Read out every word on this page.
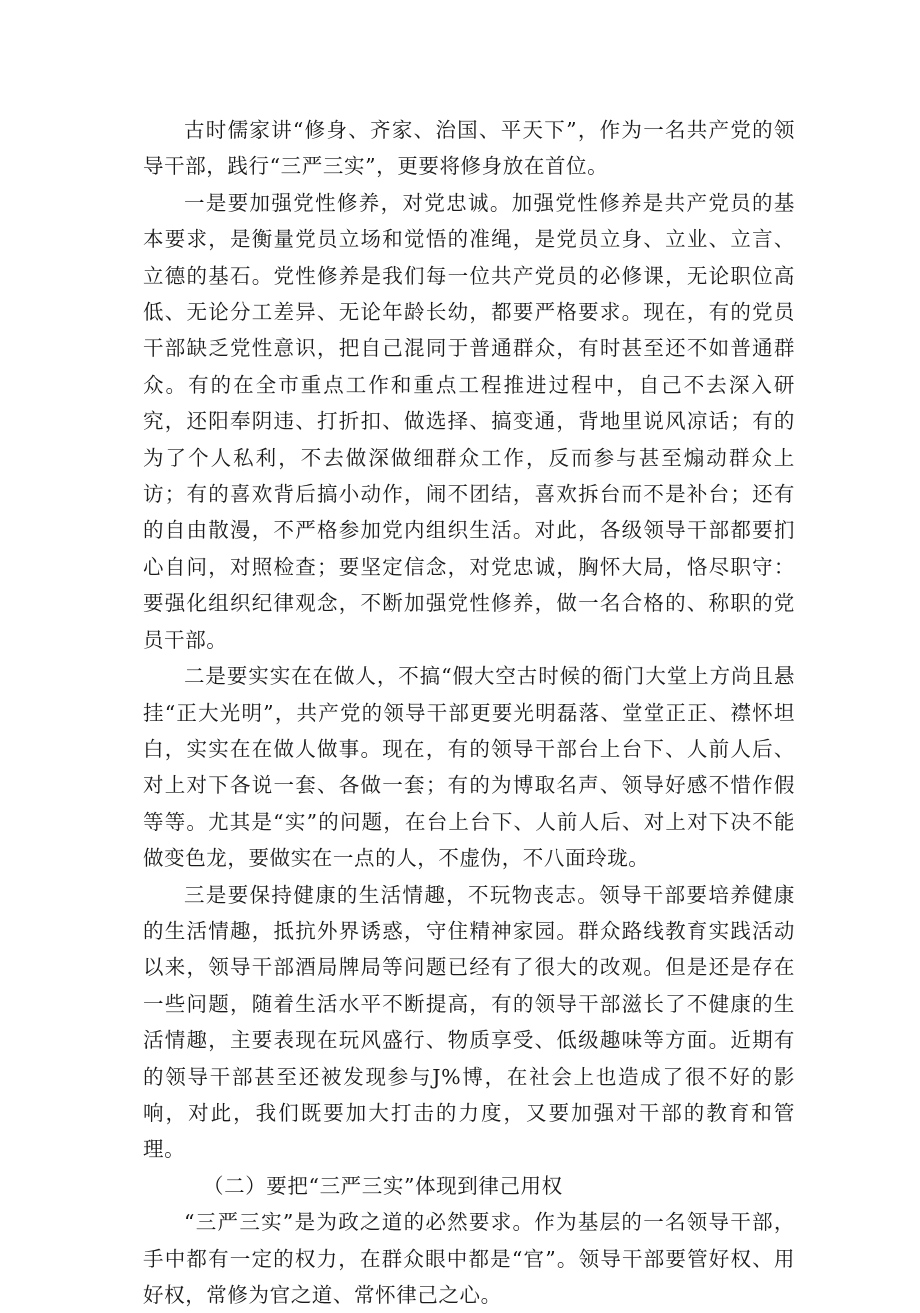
古时儒家讲“修身、齐家、治国、平天下”，作为一名共产党的领导干部，践行“三严三实”，更要将修身放在首位。

一是要加强党性修养，对党忠诚。加强党性修养是共产党员的基本要求，是衡量党员立场和觉悟的准绳，是党员立身、立业、立言、立德的基石。党性修养是我们每一位共产党员的必修课，无论职位高低、无论分工差异、无论年龄长幼，都要严格要求。现在，有的党员干部缺乏党性意识，把自己混同于普通群众，有时甚至还不如普通群众。有的在全市重点工作和重点工程推进过程中，自己不去深入研究，还阳奉阴违、打折扣、做选择、搞变通，背地里说风凉话；有的为了个人私利，不去做深做细群众工作，反而参与甚至煽动群众上访；有的喜欢背后搞小动作，闹不团结，喜欢拆台而不是补台；还有的自由散漫，不严格参加党内组织生活。对此，各级领导干部都要扪心自问，对照检查；要坚定信念，对党忠诚，胸怀大局，恪尽职守：要强化组织纪律观念，不断加强党性修养，做一名合格的、称职的党员干部。

二是要实实在在做人，不搞“假大空古时候的衙门大堂上方尚且悬挂“正大光明”，共产党的领导干部更要光明磊落、堂堂正正、襟怀坦白，实实在在做人做事。现在，有的领导干部台上台下、人前人后、对上对下各说一套、各做一套；有的为博取名声、领导好感不惜作假等等。尤其是“实”的问题，在台上台下、人前人后、对上对下决不能做变色龙，要做实在一点的人，不虚伪，不八面玲珑。

三是要保持健康的生活情趣，不玩物丧志。领导干部要培养健康的生活情趣，抵抗外界诱惑，守住精神家园。群众路线教育实践活动以来，领导干部酒局牌局等问题已经有了很大的改观。但是还是存在一些问题，随着生活水平不断提高，有的领导干部滋长了不健康的生活情趣，主要表现在玩风盛行、物质享受、低级趣味等方面。近期有的领导干部甚至还被发现参与J%博，在社会上也造成了很不好的影响，对此，我们既要加大打击的力度，又要加强对干部的教育和管理。

（二）要把“三严三实”体现到律己用权

“三严三实”是为政之道的必然要求。作为基层的一名领导干部，手中都有一定的权力，在群众眼中都是“官”。领导干部要管好权、用好权，常修为官之道、常怀律己之心。
